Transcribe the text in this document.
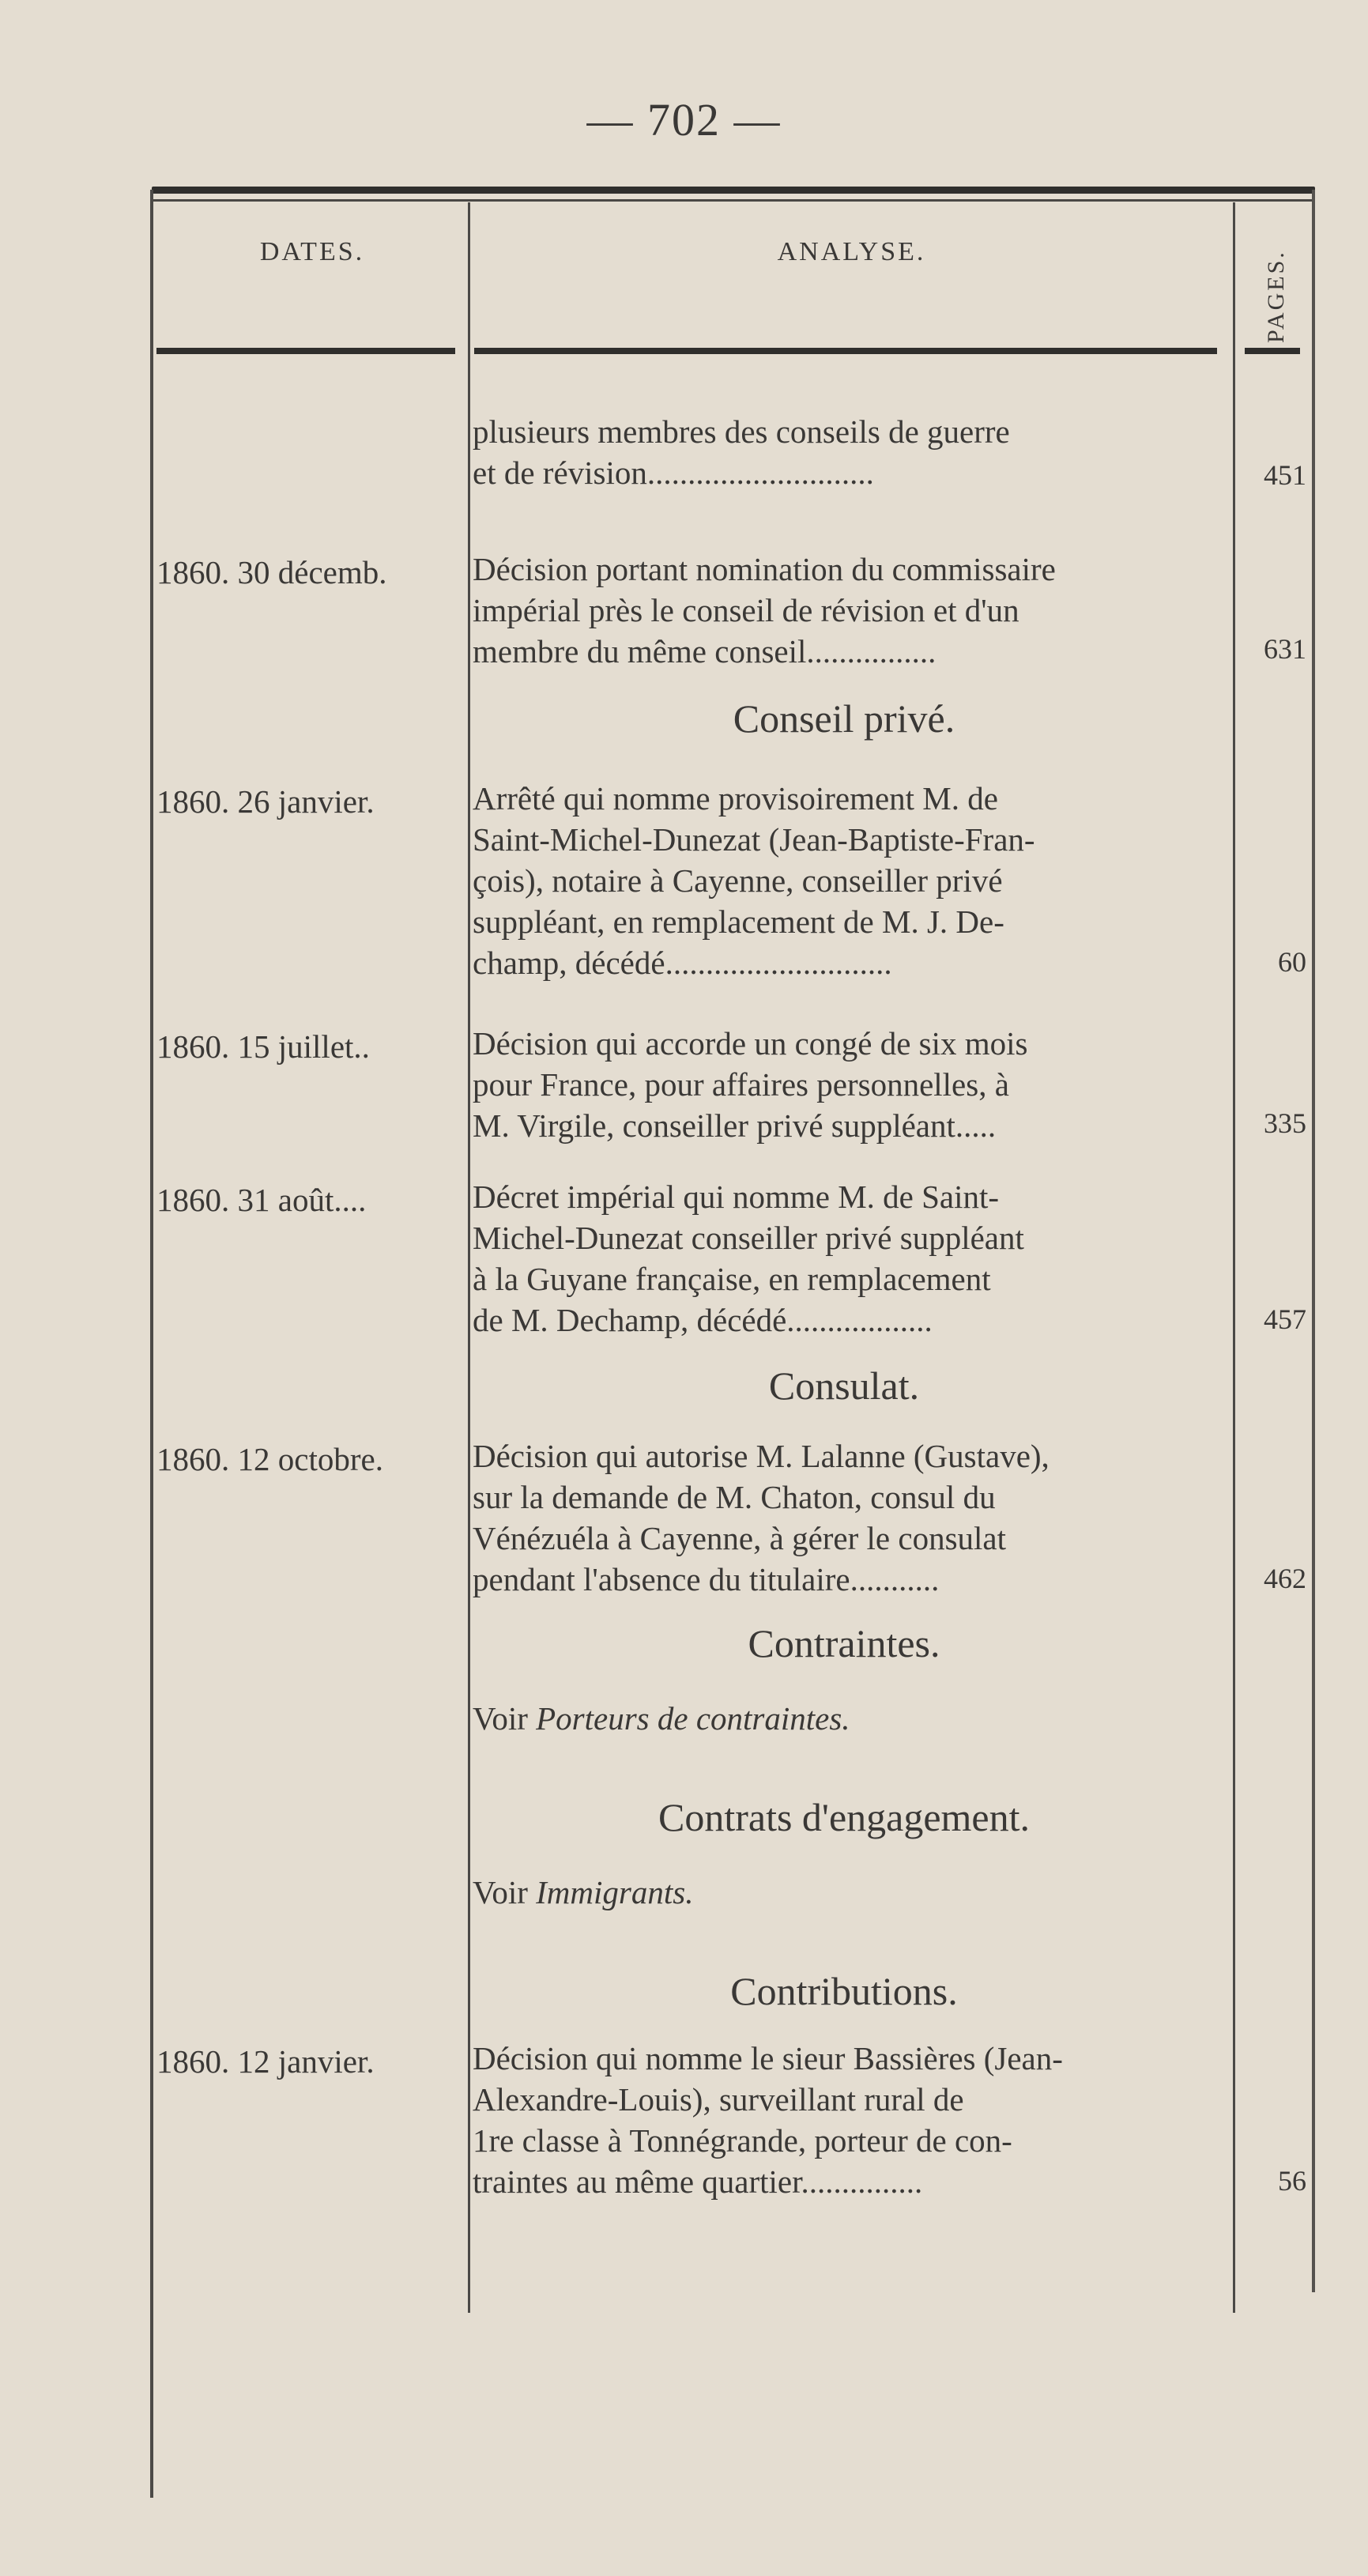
— 702 —
DATES.	ANALYSE.	PAGES.
plusieurs membres des conseils de guerre
et de révision............................	451
1860. 30 décemb.	Décision portant nomination du commissaire
impérial près le conseil de révision et d'un
membre du même conseil................	631
Conseil privé.
1860. 26 janvier.	Arrêté qui nomme provisoirement M. de
Saint-Michel-Dunezat (Jean-Baptiste-Fran-
çois), notaire à Cayenne, conseiller privé
suppléant, en remplacement de M. J. De-
champ, décédé............................	60
1860. 15 juillet..	Décision qui accorde un congé de six mois
pour France, pour affaires personnelles, à
M. Virgile, conseiller privé suppléant.....	335
1860. 31 août....	Décret impérial qui nomme M. de Saint-
Michel-Dunezat conseiller privé suppléant
à la Guyane française, en remplacement
de M. Dechamp, décédé..................	457
Consulat.
1860. 12 octobre.	Décision qui autorise M. Lalanne (Gustave),
sur la demande de M. Chaton, consul du
Vénézuéla à Cayenne, à gérer le consulat
pendant l'absence du titulaire...........	462
Contraintes.
Voir Porteurs de contraintes.
Contrats d'engagement.
Voir Immigrants.
Contributions.
1860. 12 janvier.	Décision qui nomme le sieur Bassières (Jean-
Alexandre-Louis), surveillant rural de
1re classe à Tonnégrande, porteur de con-
traintes au même quartier...............	56
